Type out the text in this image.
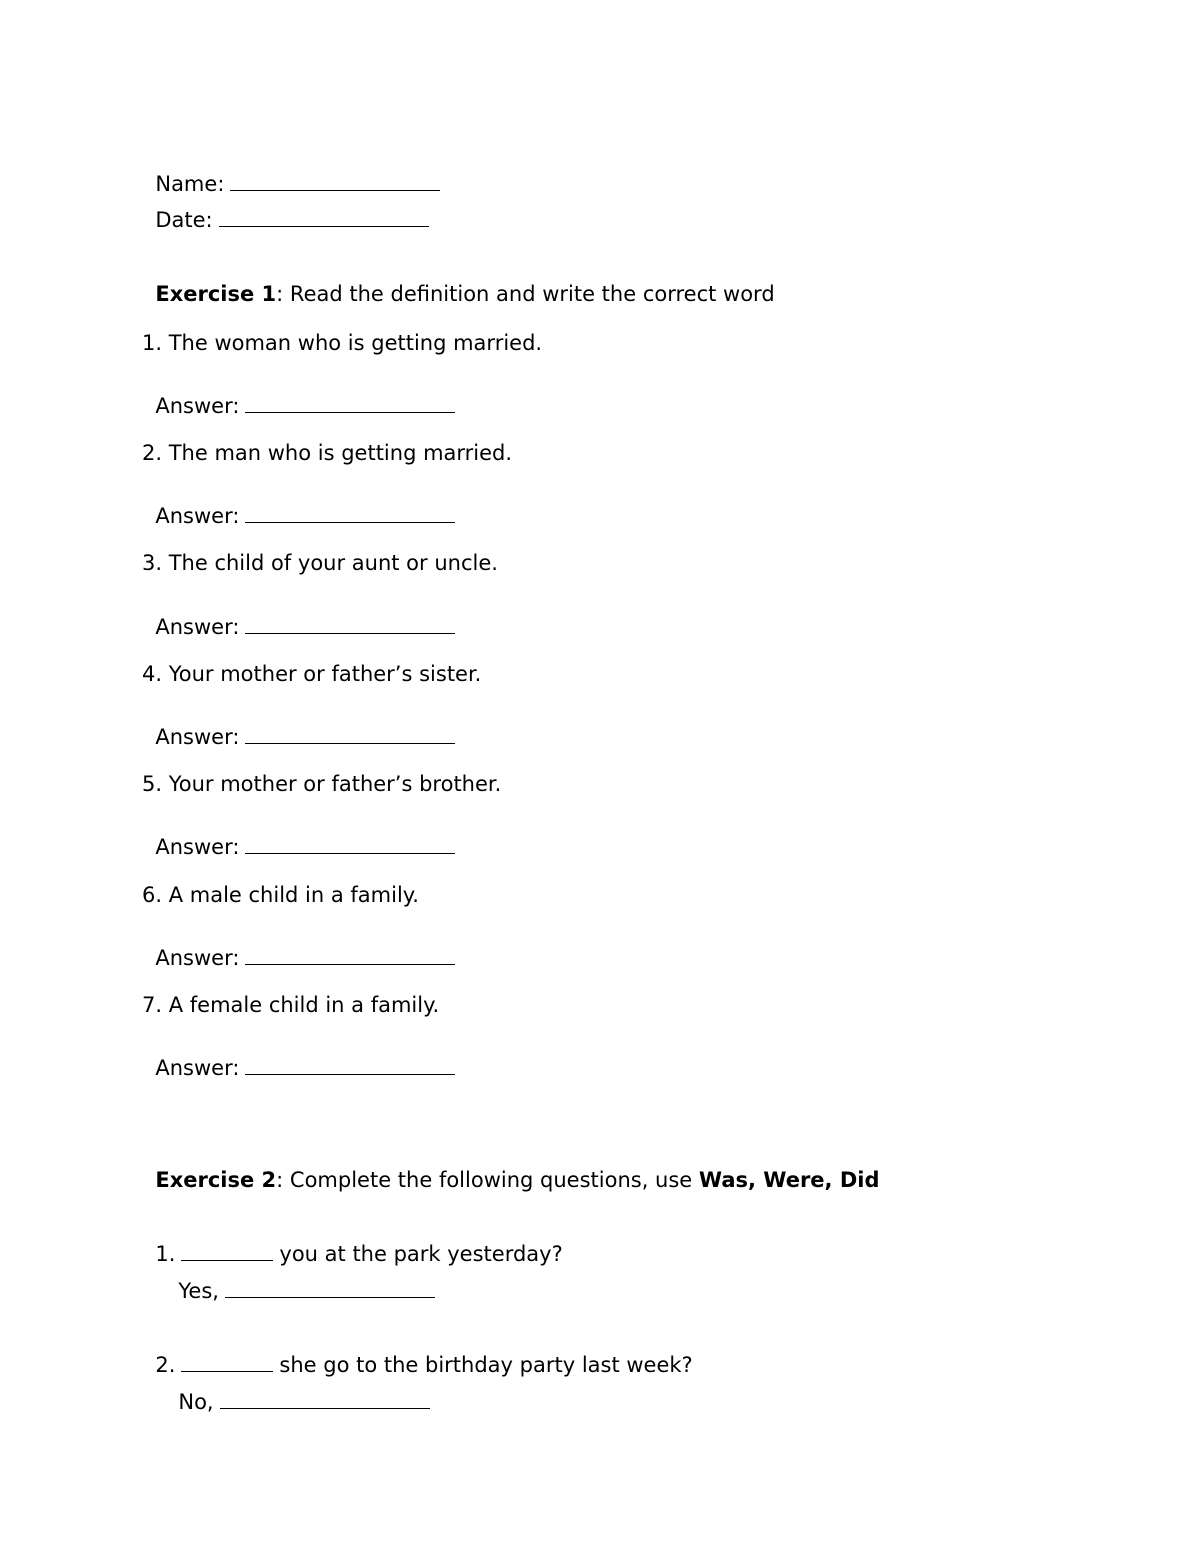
Name:

Date:

Exercise 1: Read the definition and write the correct word

1. The woman who is getting married.

Answer:

2. The man who is getting married.

Answer:

3. The child of your aunt or uncle.

Answer:

4. Your mother or father’s sister.

Answer:

5. Your mother or father’s brother.

Answer:

6. A male child in a family.

Answer:

7. A female child in a family.

Answer:

Exercise 2: Complete the following questions, use Was, Were, Did

1.	you at the park yesterday?

Yes,

2.	she go to the birthday party last week?

No,
